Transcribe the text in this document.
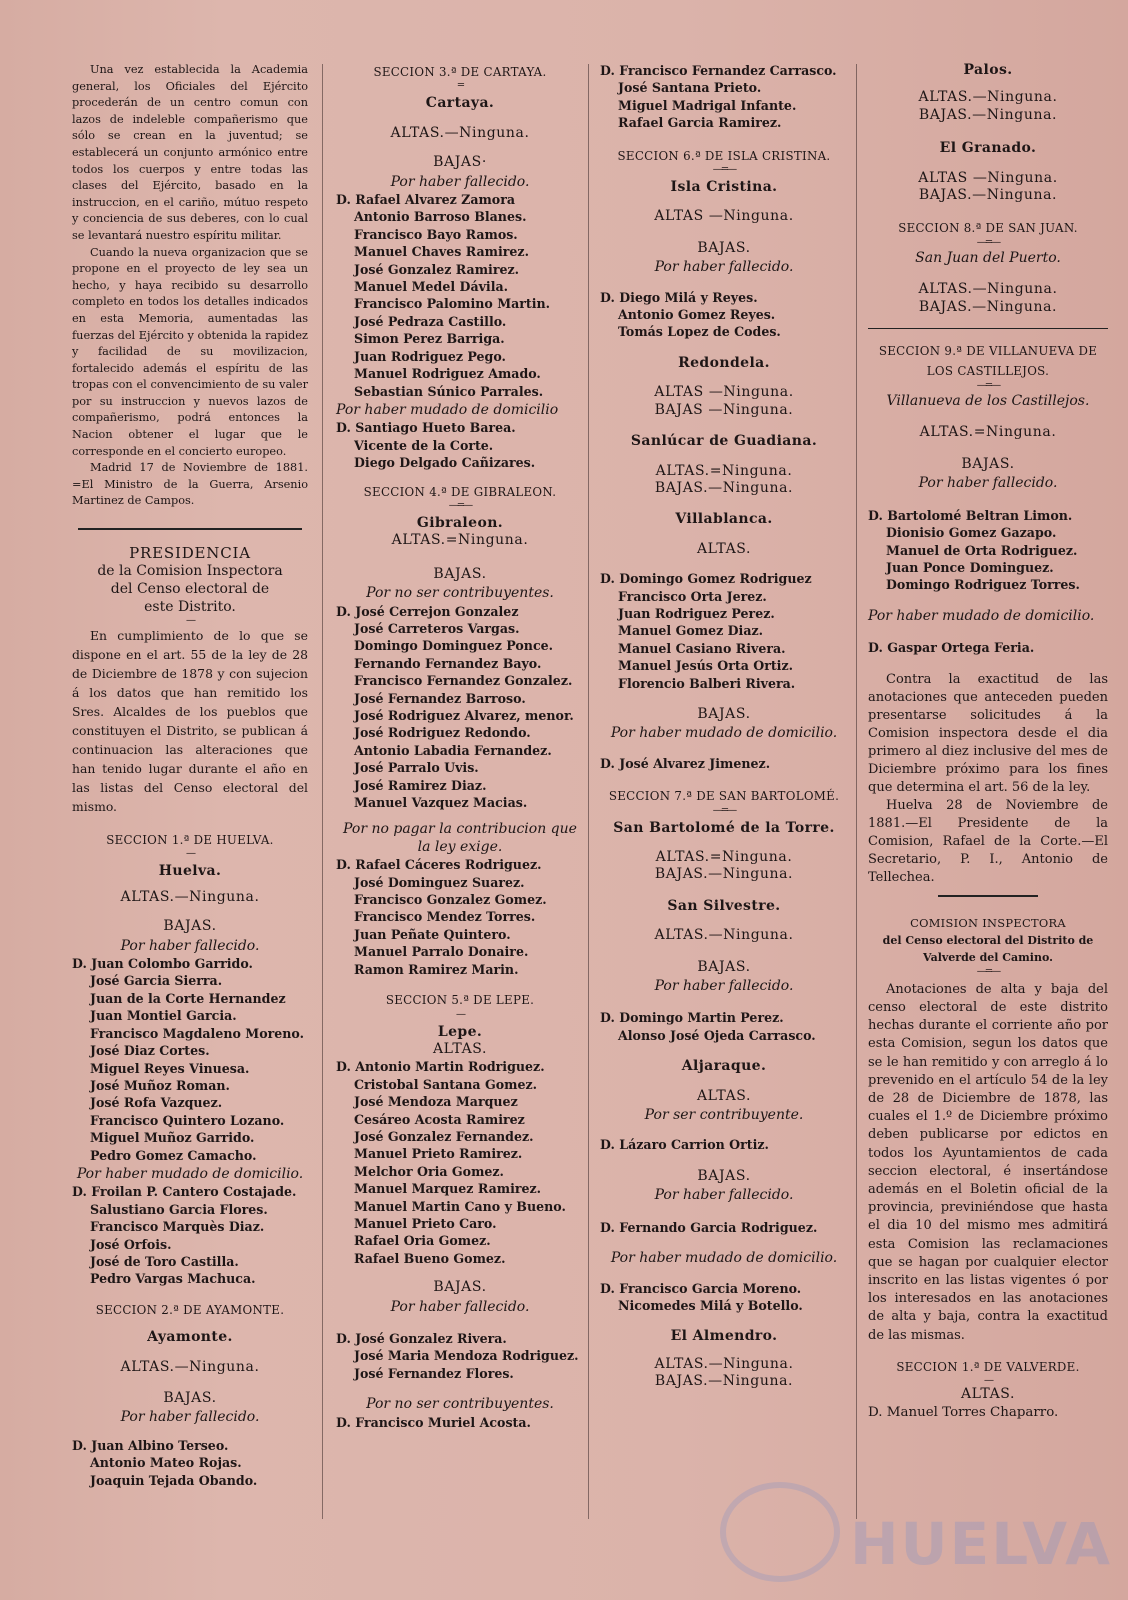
Una vez establecida la Academia general, los Oficiales del Ejército procederán de un centro comun con lazos de indeleble compañerismo que sólo se crean en la juventud; se establecerá un conjunto armónico entre todos los cuerpos y entre todas las clases del Ejército, basado en la instruccion, en el cariño, mútuo respeto y conciencia de sus deberes, con lo cual se levantará nuestro espíritu militar.

Cuando la nueva organizacion que se propone en el proyecto de ley sea un hecho, y haya recibido su desarrollo completo en todos los detalles indicados en esta Memoria, aumentadas las fuerzas del Ejército y obtenida la rapidez y facilidad de su movilizacion, fortalecido además el espíritu de las tropas con el convencimiento de su valer por su instruccion y nuevos lazos de compañerismo, podrá entonces la Nacion obtener el lugar que le corresponde en el concierto europeo.

Madrid 17 de Noviembre de 1881. =El Ministro de la Guerra, Arsenio Martinez de Campos.

PRESIDENCIA
de la Comision Inspectora
del Censo electoral de
este Distrito.
—

En cumplimiento de lo que se dispone en el art. 55 de la ley de 28 de Diciembre de 1878 y con sujecion á los datos que han remitido los Sres. Alcaldes de los pueblos que constituyen el Distrito, se publican á continuacion las alteraciones que han tenido lugar durante el año en las listas del Censo electoral del mismo.

SECCION 1.ª DE HUELVA.
—
Huelva.
ALTAS.—Ninguna.
BAJAS.
Por haber fallecido.
D. Juan Colombo Garrido.
José Garcia Sierra.
Juan de la Corte Hernandez
Juan Montiel Garcia.
Francisco Magdaleno Moreno.
José Diaz Cortes.
Miguel Reyes Vinuesa.
José Muñoz Roman.
José Rofa Vazquez.
Francisco Quintero Lozano.
Miguel Muñoz Garrido.
Pedro Gomez Camacho.
Por haber mudado de domicilio.
D. Froilan P. Cantero Costajade.
Salustiano Garcia Flores.
Francisco Marquès Diaz.
José Orfois.
José de Toro Castilla.
Pedro Vargas Machuca.
SECCION 2.ª DE AYAMONTE.
Ayamonte.
ALTAS.—Ninguna.
BAJAS.
Por haber fallecido.
D. Juan Albino Terseo.
Antonio Mateo Rojas.
Joaquin Tejada Obando.
SECCION 3.ª DE CARTAYA.
=
Cartaya.
ALTAS.—Ninguna.
BAJAS·
Por haber fallecido.
D. Rafael Alvarez Zamora
Antonio Barroso Blanes.
Francisco Bayo Ramos.
Manuel Chaves Ramirez.
José Gonzalez Ramirez.
Manuel Medel Dávila.
Francisco Palomino Martin.
José Pedraza Castillo.
Simon Perez Barriga.
Juan Rodriguez Pego.
Manuel Rodriguez Amado.
Sebastian Súnico Parrales.
Por haber mudado de domicilio
D. Santiago Hueto Barea.
Vicente de la Corte.
Diego Delgado Cañizares.
SECCION 4.ª DE GIBRALEON.
—=—
Gibraleon.
ALTAS.=Ninguna.
BAJAS.
Por no ser contribuyentes.
D. José Cerrejon Gonzalez
José Carreteros Vargas.
Domingo Dominguez Ponce.
Fernando Fernandez Bayo.
Francisco Fernandez Gonzalez.
José Fernandez Barroso.
José Rodriguez Alvarez, menor.
José Rodriguez Redondo.
Antonio Labadia Fernandez.
José Parralo Uvis.
José Ramirez Diaz.
Manuel Vazquez Macias.
Por no pagar la contribucion que la ley exige.
D. Rafael Cáceres Rodriguez.
José Dominguez Suarez.
Francisco Gonzalez Gomez.
Francisco Mendez Torres.
Juan Peñate Quintero.
Manuel Parralo Donaire.
Ramon Ramirez Marin.
SECCION 5.ª DE LEPE.
—
Lepe.
ALTAS.
D. Antonio Martin Rodriguez.
Cristobal Santana Gomez.
José Mendoza Marquez
Cesáreo Acosta Ramirez
José Gonzalez Fernandez.
Manuel Prieto Ramirez.
Melchor Oria Gomez.
Manuel Marquez Ramirez.
Manuel Martin Cano y Bueno.
Manuel Prieto Caro.
Rafael Oria Gomez.
Rafael Bueno Gomez.
BAJAS.
Por haber fallecido.
D. José Gonzalez Rivera.
José Maria Mendoza Rodriguez.
José Fernandez Flores.
Por no ser contribuyentes.
D. Francisco Muriel Acosta.
D. Francisco Fernandez Carrasco.
José Santana Prieto.
Miguel Madrigal Infante.
Rafael Garcia Ramirez.
SECCION 6.ª DE ISLA CRISTINA.
—=—
Isla Cristina.
ALTAS —Ninguna.
BAJAS.
Por haber fallecido.
D. Diego Milá y Reyes.
Antonio Gomez Reyes.
Tomás Lopez de Codes.
Redondela.
ALTAS —Ninguna.
BAJAS —Ninguna.
Sanlúcar de Guadiana.
ALTAS.=Ninguna.
BAJAS.—Ninguna.
Villablanca.
ALTAS.
D. Domingo Gomez Rodriguez
Francisco Orta Jerez.
Juan Rodriguez Perez.
Manuel Gomez Diaz.
Manuel Casiano Rivera.
Manuel Jesús Orta Ortiz.
Florencio Balberi Rivera.
BAJAS.
Por haber mudado de domicilio.
D. José Alvarez Jimenez.
SECCION 7.ª DE SAN BARTOLOMÉ.
—=—
San Bartolomé de la Torre.
ALTAS.=Ninguna.
BAJAS.—Ninguna.
San Silvestre.
ALTAS.—Ninguna.
BAJAS.
Por haber fallecido.
D. Domingo Martin Perez.
Alonso José Ojeda Carrasco.
Aljaraque.
ALTAS.
Por ser contribuyente.
D. Lázaro Carrion Ortiz.
BAJAS.
Por haber fallecido.
D. Fernando Garcia Rodriguez.
Por haber mudado de domicilio.
D. Francisco Garcia Moreno.
Nicomedes Milá y Botello.
El Almendro.
ALTAS.—Ninguna.
BAJAS.—Ninguna.
Palos.
ALTAS.—Ninguna.
BAJAS.—Ninguna.
El Granado.
ALTAS —Ninguna.
BAJAS.—Ninguna.
SECCION 8.ª DE SAN JUAN.
—=—
San Juan del Puerto.
ALTAS.—Ninguna.
BAJAS.—Ninguna.
SECCION 9.ª DE VILLANUEVA DE LOS CASTILLEJOS.
—=—
Villanueva de los Castillejos.
ALTAS.=Ninguna.
BAJAS.
Por haber fallecido.
D. Bartolomé Beltran Limon.
Dionisio Gomez Gazapo.
Manuel de Orta Rodriguez.
Juan Ponce Dominguez.
Domingo Rodriguez Torres.
Por haber mudado de domicilio.
D. Gaspar Ortega Feria.

Contra la exactitud de las anotaciones que anteceden pueden presentarse solicitudes á la Comision inspectora desde el dia primero al diez inclusive del mes de Diciembre próximo para los fines que determina el art. 56 de la ley.

Huelva 28 de Noviembre de 1881.—El Presidente de la Comision, Rafael de la Corte.—El Secretario, P. I., Antonio de Tellechea.

COMISION INSPECTORA
del Censo electoral del Distrito de
Valverde del Camino.
—=—

Anotaciones de alta y baja del censo electoral de este distrito hechas durante el corriente año por esta Comision, segun los datos que se le han remitido y con arreglo á lo prevenido en el artículo 54 de la ley de 28 de Diciembre de 1878, las cuales el 1.º de Diciembre próximo deben publicarse por edictos en todos los Ayuntamientos de cada seccion electoral, é insertándose además en el Boletin oficial de la provincia, previniéndose que hasta el dia 10 del mismo mes admitirá esta Comision las reclamaciones que se hagan por cualquier elector inscrito en las listas vigentes ó por los interesados en las anotaciones de alta y baja, contra la exactitud de las mismas.

SECCION 1.ª DE VALVERDE.
—
ALTAS.
D. Manuel Torres Chaparro.
HUELVA
